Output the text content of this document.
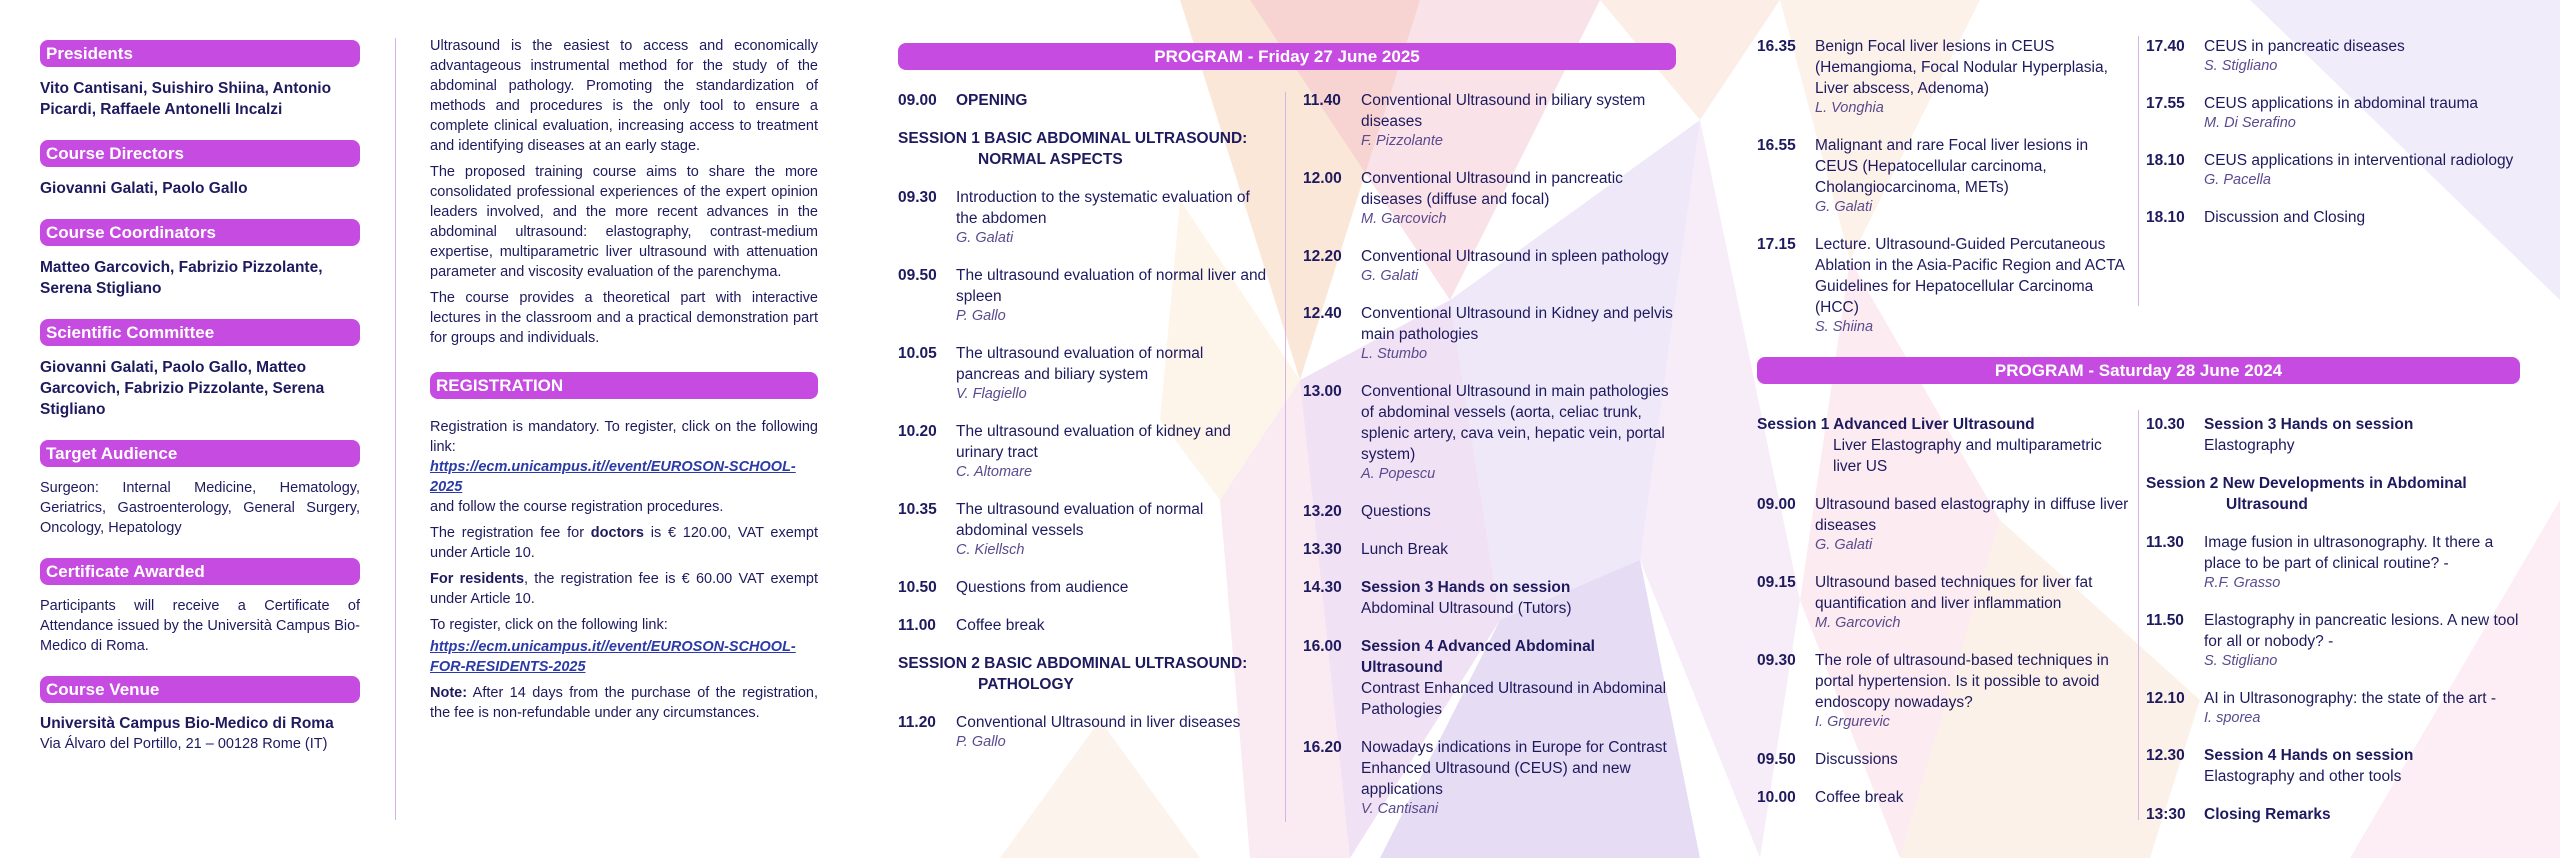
Presidents
Vito Cantisani, Suishiro Shiina, Antonio Picardi, Raffaele Antonelli Incalzi
Course Directors
Giovanni Galati, Paolo Gallo
Course Coordinators
Matteo Garcovich, Fabrizio Pizzolante, Serena Stigliano
Scientific Committee
Giovanni Galati, Paolo Gallo, Matteo Garcovich, Fabrizio Pizzolante, Serena Stigliano
Target Audience
Surgeon: Internal Medicine, Hematology, Geriatrics, Gastroenterology, General Surgery, Oncology, Hepatology
Certificate Awarded
Participants will receive a Certificate of Attendance issued by the Università Campus Bio-Medico di Roma.
Course Venue
Università Campus Bio-Medico di Roma
Via Álvaro del Portillo, 21 – 00128 Rome (IT)

Ultrasound is the easiest to access and economically advantageous instrumental method for the study of the abdominal pathology. Promoting the standardization of methods and procedures is the only tool to ensure a complete clinical evaluation, increasing access to treatment and identifying diseases at an early stage.

The proposed training course aims to share the more consolidated professional experiences of the expert opinion leaders involved, and the more recent advances in the abdominal ultrasound: elastography, contrast-medium expertise, multiparametric liver ultrasound with attenuation parameter and viscosity evaluation of the parenchyma.

The course provides a theoretical part with interactive lectures in the classroom and a practical demonstration part for groups and individuals.

REGISTRATION

Registration is mandatory. To register, click on the following link:

https://ecm.unicampus.it//event/EUROSON-SCHOOL-2025

and follow the course registration procedures.

The registration fee for doctors is € 120.00, VAT exempt under Article 10.

For residents, the registration fee is € 60.00 VAT exempt under Article 10.

To register, click on the following link:

https://ecm.unicampus.it//event/EUROSON-SCHOOL-FOR-RESIDENTS-2025

Note: After 14 days from the purchase of the registration, the fee is non-refundable under any circumstances.

PROGRAM - Friday 27 June 2025
09.00	OPENING
SESSION 1 BASIC ABDOMINAL ULTRASOUND:

NORMAL ASPECTS
09.30	Introduction to the systematic evaluation of the abdomen
G. Galati
09.50	The ultrasound evaluation of normal liver and spleen
P. Gallo
10.05	The ultrasound evaluation of normal pancreas and biliary system
V. Flagiello
10.20	The ultrasound evaluation of kidney and urinary tract
C. Altomare
10.35	The ultrasound evaluation of normal abdominal vessels
C. Kiellsch
10.50	Questions from audience
11.00	Coffee break
SESSION 2 BASIC ABDOMINAL ULTRASOUND:

PATHOLOGY
11.20	Conventional Ultrasound in liver diseases
P. Gallo
11.40	Conventional Ultrasound in biliary system diseases
F. Pizzolante
12.00	Conventional Ultrasound in pancreatic diseases (diffuse and focal)
M. Garcovich
12.20	Conventional Ultrasound in spleen pathology
G. Galati
12.40	Conventional Ultrasound in Kidney and pelvis main pathologies
L. Stumbo
13.00	Conventional Ultrasound in main pathologies of abdominal vessels (aorta, celiac trunk, splenic artery, cava vein, hepatic vein, portal system)
A. Popescu
13.20	Questions
13.30	Lunch Break
14.30	Session 3 Hands on session
Abdominal Ultrasound (Tutors)
16.00	Session 4 Advanced Abdominal Ultrasound
Contrast Enhanced Ultrasound in Abdominal Pathologies
16.20	Nowadays indications in Europe for Contrast Enhanced Ultrasound (CEUS) and new applications
V. Cantisani
16.35	Benign Focal liver lesions in CEUS (Hemangioma, Focal Nodular Hyperplasia, Liver abscess, Adenoma)
L. Vonghia
16.55	Malignant and rare Focal liver lesions in CEUS (Hepatocellular carcinoma, Cholangiocarcinoma, METs)
G. Galati
17.15	Lecture. Ultrasound-Guided Percutaneous Ablation in the Asia-Pacific Region and ACTA Guidelines for Hepatocellular Carcinoma (HCC)
S. Shiina
17.40	CEUS in pancreatic diseases
S. Stigliano
17.55	CEUS applications in abdominal trauma
M. Di Serafino
18.10	CEUS applications in interventional radiology
G. Pacella
18.10	Discussion and Closing
PROGRAM - Saturday 28 June 2024
Session 1 Advanced Liver Ultrasound

Liver Elastography and multiparametric liver US
09.00	Ultrasound based elastography in diffuse liver diseases
G. Galati
09.15	Ultrasound based techniques for liver fat quantification and liver inflammation
M. Garcovich
09.30	The role of ultrasound-based techniques in portal hypertension. Is it possible to avoid endoscopy nowadays?
I. Grgurevic
09.50	Discussions
10.00	Coffee break
10.30	Session 3 Hands on session
Elastography
Session 2 New Developments in Abdominal

Ultrasound
11.30	Image fusion in ultrasonography. It there a place to be part of clinical routine? -
R.F. Grasso
11.50	Elastography in pancreatic lesions. A new tool for all or nobody? -
S. Stigliano
12.10	AI in Ultrasonography: the state of the art -
I. sporea
12.30	Session 4 Hands on session
Elastography and other tools
13:30	Closing Remarks
